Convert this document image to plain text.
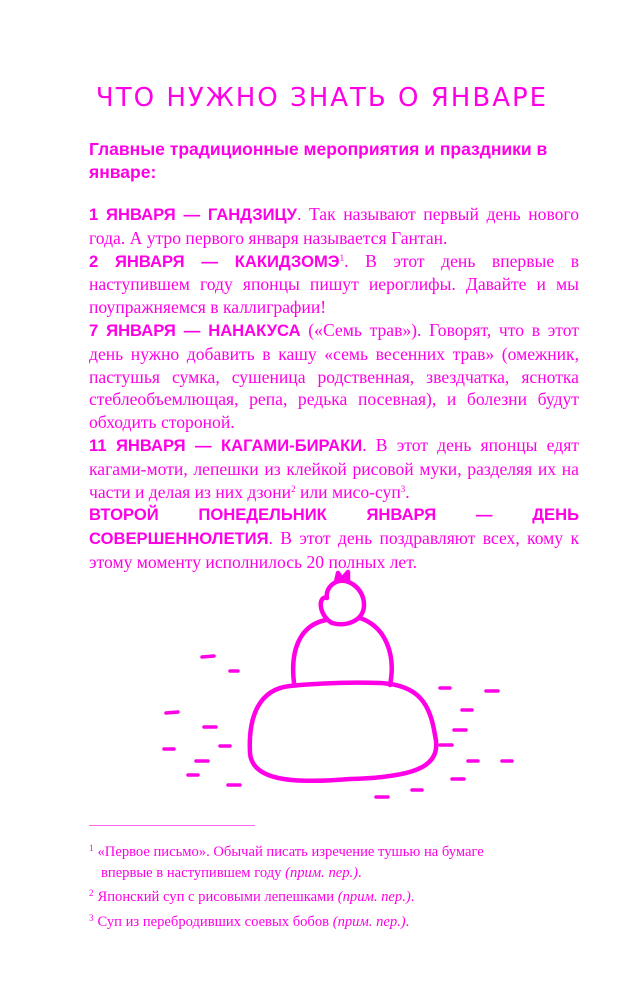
ЧТО НУЖНО ЗНАТЬ О ЯНВАРЕ
Главные традиционные мероприятия и праздники в январе:

1 ЯНВАРЯ — ГАНДЗИЦУ. Так называют первый день нового года. А утро первого января называется Гантан.

2 ЯНВАРЯ — КАКИДЗОМЭ$^1$. В этот день впервые в наступившем году японцы пишут иероглифы. Давайте и мы поупражняемся в каллиграфии!

7 ЯНВАРЯ — НАНАКУСА («Семь трав»). Говорят, что в этот день нужно добавить в кашу «семь весенних трав» (омежник, пастушья сумка, сушеница родственная, звездчатка, яснотка стеблеобъемлющая, репа, редька посевная), и болезни будут обходить стороной.

11 ЯНВАРЯ — КАГАМИ-БИРАКИ. В этот день японцы едят кагами-моти, лепешки из клейкой рисовой муки, разделяя их на части и делая из них дзони$^2$ или мисо-суп$^3$.

ВТОРОЙ ПОНЕДЕЛЬНИК ЯНВАРЯ — ДЕНЬ СОВЕРШЕННОЛЕТИЯ. В этот день поздравляют всех, кому к этому моменту исполнилось 20 полных лет.

$^1$ «Первое письмо». Обычай писать изречение тушью на бумаге

впервые в наступившем году (прим. пер.).

$^2$ Японский суп с рисовыми лепешками (прим. пер.).

$^3$ Суп из перебродивших соевых бобов (прим. пер.).
